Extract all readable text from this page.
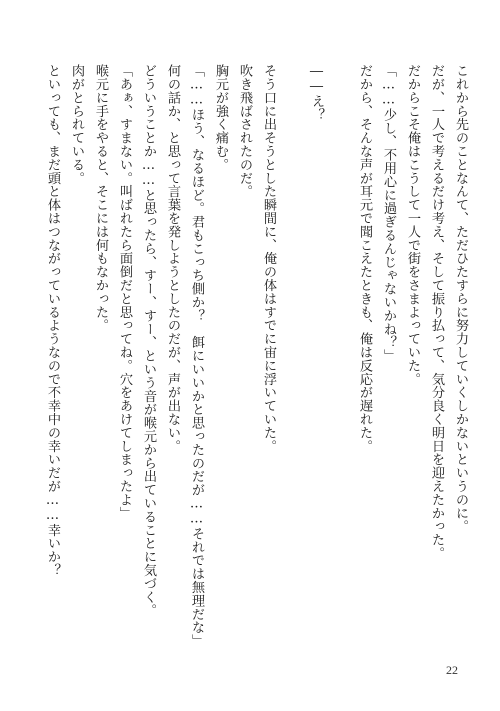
これから先のことなんて、ただひたすらに努力していくしかないというのに。
だが、一人で考えるだけ考え、そして振り払って、気分良く明日を迎えたかった。
だからこそ俺はこうして一人で街をさまよっていた。
「……少し、不用心に過ぎるんじゃないかね？」
だから、そんな声が耳元で聞こえたときも、俺は反応が遅れた。
――え？
そう口に出そうとした瞬間に、俺の体はすでに宙に浮いていた。
吹き飛ばされたのだ。
胸元が強く痛む。
「……ほう、なるほど。君もこっち側か？　餌にいいかと思ったのだが……それでは無理だな」
何の話か、と思って言葉を発しようとしたのだが、声が出ない。
どういうことか……と思ったら、すー、すー、という音が喉元から出ていることに気づく。
「あぁ、すまない。叫ばれたら面倒だと思ってね。穴をあけてしまったよ」
喉元に手をやると、そこには何もなかった。
肉がとられている。
といっても、まだ頭と体はつながっているようなので不幸中の幸いだが……幸いか？
22
